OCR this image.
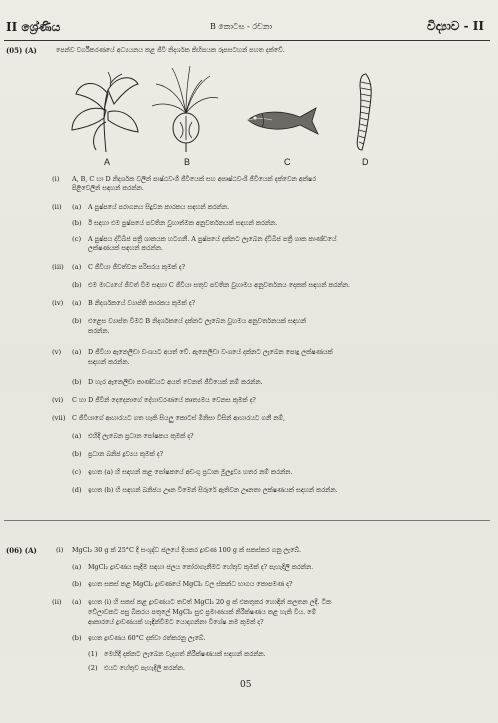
II ශ්‍රේණිය	B කොටස - රචනා	විද්‍යාව - II
(05) (A)	පෙන්ව වර්ගීකරණ‍යේ අධ්‍යයනය කළ ජීවී නිදර්ශක කිහිපයක රූපසටහන් පහත දක්වේ.
A	B	C	D
(i) A, B, C හා D නිදර්ශක වලින් පාෂ්ඨවංශී ජීවීයෙක් සහ අපෘෂ්ඨවංශී ජීවීයෙක් දක්වෙන අක්ෂර
පිළිවෙලින් සඳහන් කරන්න.
(ii) (a) A පුෂ්පයේ පරාගනය සිදුවන කාරකය සඳහන් කරන්න.
(b) ඊ සඳහා එම පුෂ්පයේ පවතින වුහාත්මක අනුවර්තනයක් සඳහන් කරන්න.
(c) A පුෂ්පය ද්විබීජ පත්‍රී ශාකයක හටගනී. A පුෂ්පයේ දක්නට ලැබෙන ද්විබීජ පත්‍රී ශාක කාණ්ඩයේ
ලක්ෂණයක් සඳහන් කරන්න.
(iii) (a) C ජීවියා ජීවත්වන පරිසරය කුමක් ද?
(b) එම මාධ්‍යයේ ජීවත් වීම සඳහා C ජීවියා සතුව පවතින වුහාමය අනුවර්තනය දෙකක් සඳහන් කරන්න.
(iv) (a) B නිදර්ශකයේ ව්‍යාප්ති කාරකය කුමක් ද?
(b) එළෙස ව්‍යාප්ත වීමට B නිදර්ශකයේ දක්නට ලැබෙන වුහමය අනුවර්තනයක් සඳහන්
කරන්න.
(v) (a) D ජීවියා ඇනෙලිඩා වංශයට අයත් වේ. ඇනෙලිඩා වංශයේ දක්නට ලැබෙන පොදු ලක්ෂණයක්
සඳහන් කරන්න.
(b) D හැර ඇනෙලිඩා කාණ්ඩයට අයත් වෙනත් ජීවියෙක් නම් කරන්න.
(vi) C හා D ජීවීන් දෙදෙනාගේ දේහාවරණයේ කෘත්‍යමය වෙනස කුමක් ද?
(vii) C ජීවියාගේ ආහාරයට ගත හැකි සියලු කොටස් මිනිසා විසින් ආහාරයට ගනී නම්,
(a) එහිදී ලැබෙන ප්‍රධාන පෝෂකය කුමක් ද?
(b) ප්‍රධාන ඛනිජ ද්‍රව්‍යය කුමක් ද?
(c) ඉහත (a) හි සඳහන් කළ පෝෂකයේ අඩංගු ප්‍රධාන මූලද්‍රව්‍ය හතර නම් කරන්න.
(d) ඉහත (b) හි සඳහන් ඛනිජය ඌන වීමෙන් සිරුරේ ඇතිවන ඌනතා ලක්ෂණයක් සඳහන් කරන්න.
(06) (A)	(i) MgCl₂ 30 g ක් 25°C දී සංශුද්ධ ජලයේ දියකර ද්‍රාවණ 100 g ක් සකස්කර ගනු ලැබේ.
(a) MgCl₂ ද්‍රාවණය සෑදීම සඳහා ජලය තෝරාගැනීමට හේතුව කුමක් ද? පැහැදිලි කරන්න.
(b) ඉහත සකස් කළ MgCl₂ ද්‍රාවණයේ MgCl₂ වල ස්කන්ධ භාගය කොපමණ ද?
(ii) (a) ඉහත (i) හි සකස් කළ ද්‍රාවණයට තවත් MgCl₂ 20 g ක් එකතුකර හොඳින් කලතන ලදී. ටික
වේලාවකට පසු බීකරය පතුලේ MgCl₂ සුළු ප්‍රමාණයක් නිරීක්ෂණය කළ හැකි විය. මේ
ආකාරයේ ද්‍රාවණයක් හැඳින්වීමට යොදාගන්නා විශේෂ නම කුමක් ද?
(b) ඉහත ද්‍රාවණය 60°C දක්වා රත්කරනු ලැබේ.
(1) මෙහිදී දක්නට ලැබෙන වැදගත් නිරීක්ෂණයක් සඳහන් කරන්න.
(2) එයට හේතුව පැහැදිලි කරන්න.
05
